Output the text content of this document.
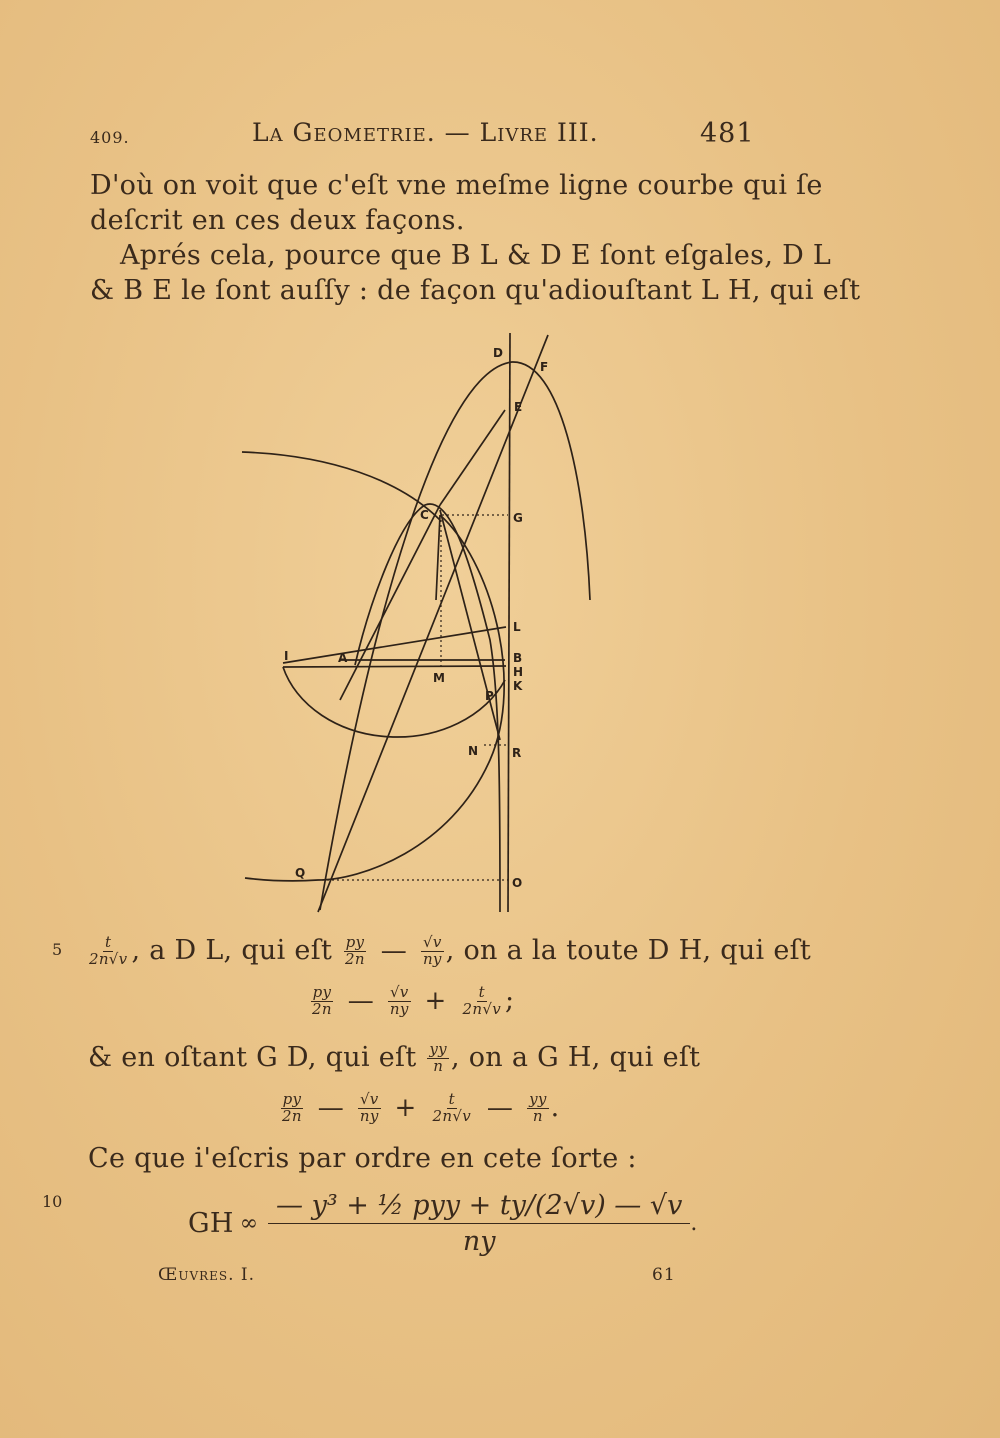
409.	La Geometrie. — Livre III.	481
D'où on voit que c'eſt vne meſme ligne courbe qui ſe
deſcrit en ces deux façons.
Aprés cela, pource que B L & D E ſont eſgales, D L
& B E le ſont auſſy : de façon qu'adiouſtant L H, qui eſt
D
F
E
C	G
L
I	A	B
H
K
M
P
N	R
Q
O
5
10
$\frac{t}{2n√v}$ , a D L, qui eſt $\frac{py}{2n}$ — $\frac{√v}{ny}$ , on a la toute D H, qui eſt
$\frac{py}{2n}$ — $\frac{√v}{ny} + \frac{t}{2n√v}$ ;
& en oſtant G D, qui eſt $\frac{yy}{n}$ , on a G H, qui eſt
$\frac{py}{2n}$ — $\frac{√v}{ny} + \frac{t}{2n√v}$ — $\frac{yy}{n}$ .
Ce que i'eſcris par ordre en cete ſorte :
GH ∞ $\frac{\text{— y³ + ½ pyy + ty/(2√v) — √v}}{ny}$ .
Œuvres. I.	61
